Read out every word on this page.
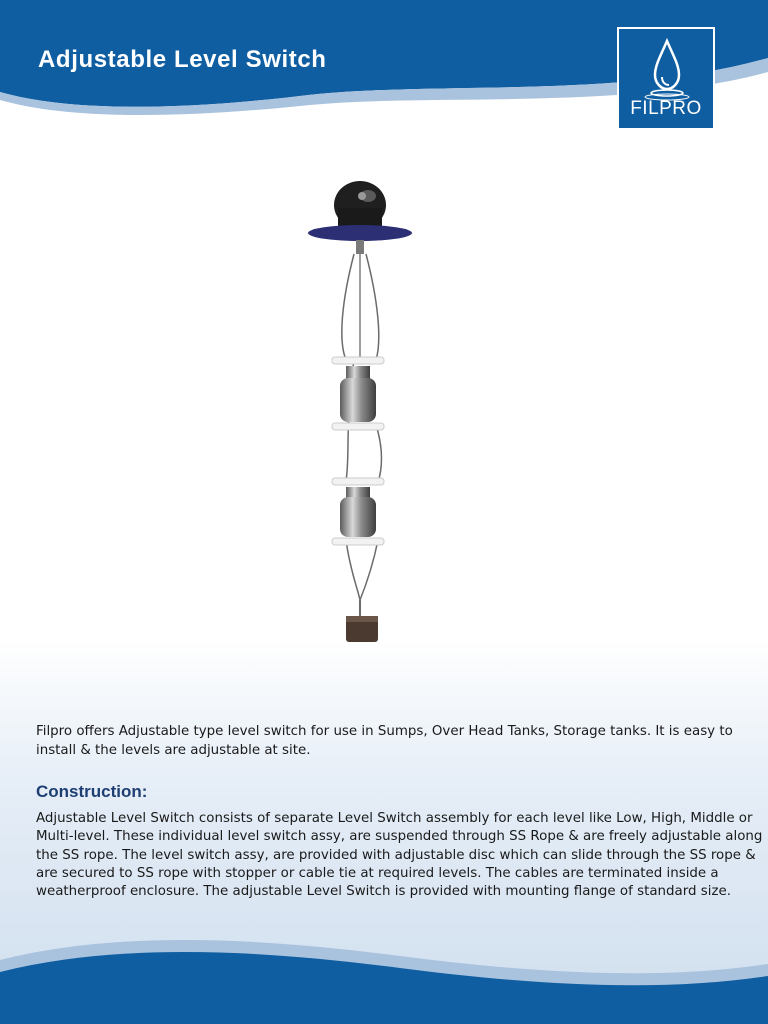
Adjustable Level Switch
FILPRO

Filpro offers Adjustable type level switch for use in Sumps, Over Head Tanks, Storage tanks. It is easy to install & the levels are adjustable at site.

Construction:

Adjustable Level Switch consists of separate Level Switch assembly for each level like Low, High, Middle or Multi-level. These individual level switch assy, are suspended through SS Rope & are freely adjustable along the SS rope. The level switch assy, are provided with adjustable disc which can slide through the SS rope & are secured to SS rope with stopper or cable tie at required levels. The cables are terminated inside a weatherproof enclosure. The adjustable Level Switch is provided with mounting flange of standard size.
